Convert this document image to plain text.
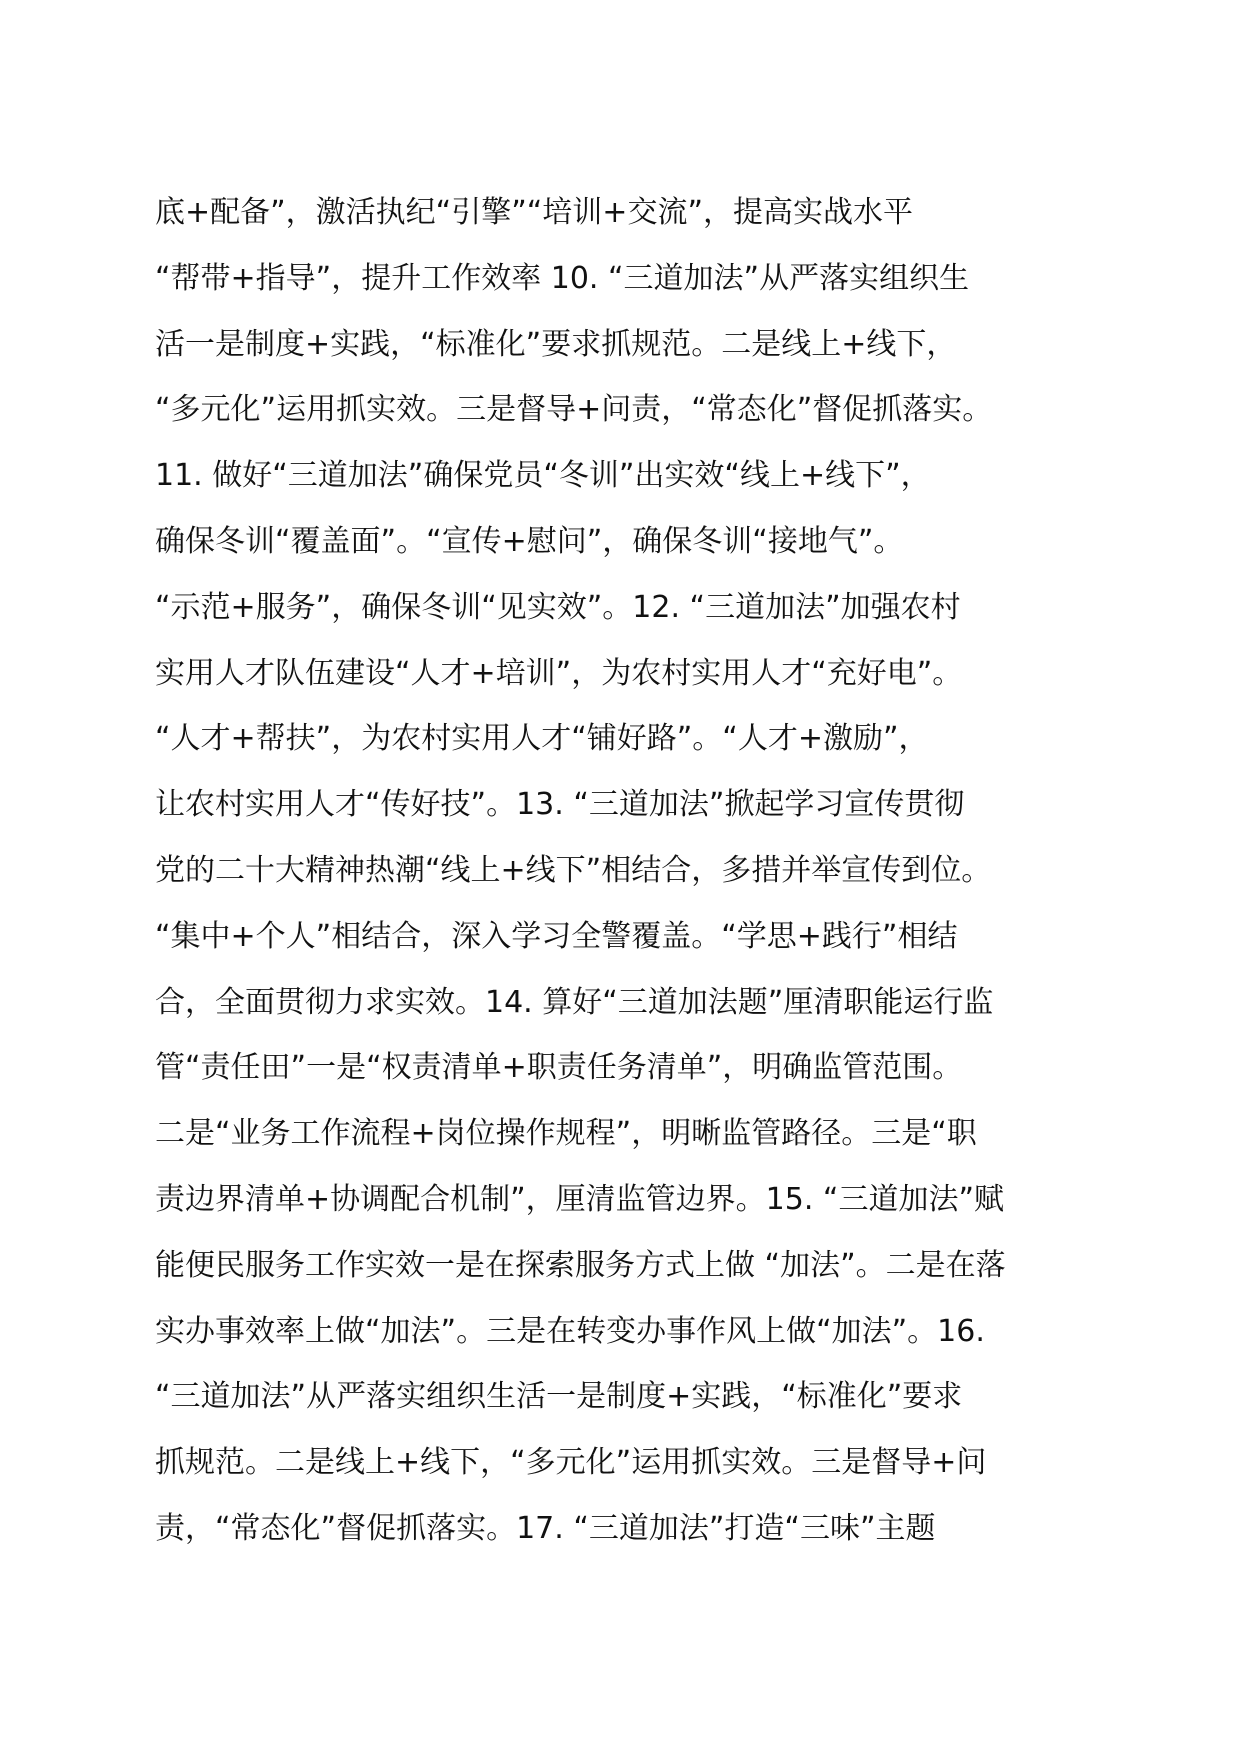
底+配备”，激活执纪“引擎”“培训+交流”，提高实战水平
“帮带+指导”，提升工作效率 10. “三道加法”从严落实组织生
活一是制度+实践，“标准化”要求抓规范。二是线上+线下，
“多元化”运用抓实效。三是督导+问责，“常态化”督促抓落实。
11. 做好“三道加法”确保党员“冬训”出实效“线上+线下”，
确保冬训“覆盖面”。“宣传+慰问”，确保冬训“接地气”。
“示范+服务”，确保冬训“见实效”。12. “三道加法”加强农村
实用人才队伍建设“人才+培训”，为农村实用人才“充好电”。
“人才+帮扶”，为农村实用人才“铺好路”。“人才+激励”，
让农村实用人才“传好技”。13. “三道加法”掀起学习宣传贯彻
党的二十大精神热潮“线上+线下”相结合，多措并举宣传到位。
“集中+个人”相结合，深入学习全警覆盖。“学思+践行”相结
合，全面贯彻力求实效。14. 算好“三道加法题”厘清职能运行监
管“责任田”一是“权责清单+职责任务清单”，明确监管范围。
二是“业务工作流程+岗位操作规程”，明晰监管路径。三是“职
责边界清单+协调配合机制”，厘清监管边界。15. “三道加法”赋
能便民服务工作实效一是在探索服务方式上做 “加法”。二是在落
实办事效率上做“加法”。三是在转变办事作风上做“加法”。16.
“三道加法”从严落实组织生活一是制度+实践，“标准化”要求
抓规范。二是线上+线下，“多元化”运用抓实效。三是督导+问
责，“常态化”督促抓落实。17. “三道加法”打造“三味”主题
